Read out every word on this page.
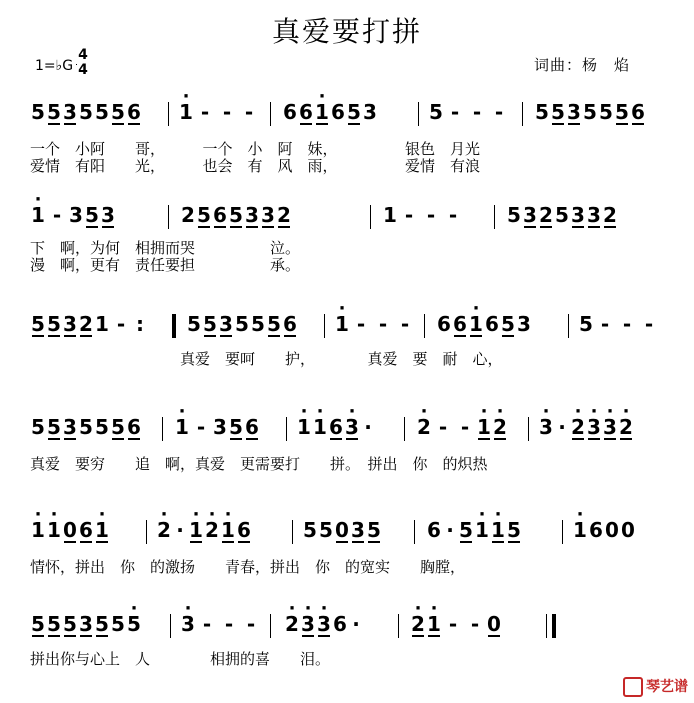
真爱要打拼
1=♭G
4
4	词曲：杨　焰
5 5 3 5 5 5 6 · 1 - - -	6 6 · 1 6 5 3	5 - - -	5 5 3 5 5 5 6
一个　小阿　　哥，　　　一个　小　阿　妹，　　　　　银色　月光
爱情　有阳　　光，　　　也会　有　风　雨，　　　　　爱情　有浪
· 1 - 3 5 3	2 5 6 5 3 3 2	1 - - -	5 3 2 5 3 3 2
下　啊，为何　相拥而哭　　　　　泣。
漫　啊，更有　责任要担　　　　　承。
5 5 3 2 1 - : 5 5 3 5 5 5 6 · 1 - - -	6 6 · 1 6 5 3 5 - - -
　　　　　　　　　　真爱　要呵　　护，　　　　真爱　要　耐　心，
5 5 3 5 5 5 6 · 1 - 3 5 6 · 1 · 1 6 · 3 · · 2 - - · 1 · 2 · 3 · · 2 · 3 · 3 · 2
真爱　要穷　　追　啊，真爱　更需要打　　拼。　拼出　你　的炽热
· 1 · 1 0 6 · 1 · 2 · · 1 · 2 · 1 6	5 5 0 3 5 6 · 5 · 1 · 1 5	· 1 6 0 0
情怀，拼出　你　的激扬　　青春，拼出　你　的宽实　　胸膛，
5 5 5 3 5 5 · 5 · 3 - - -	· 2 · 3 · 3 6 ·	· 2 · 1 - - 0
拼出你与心上　人　　　　相拥的喜　　泪。
琴艺谱
